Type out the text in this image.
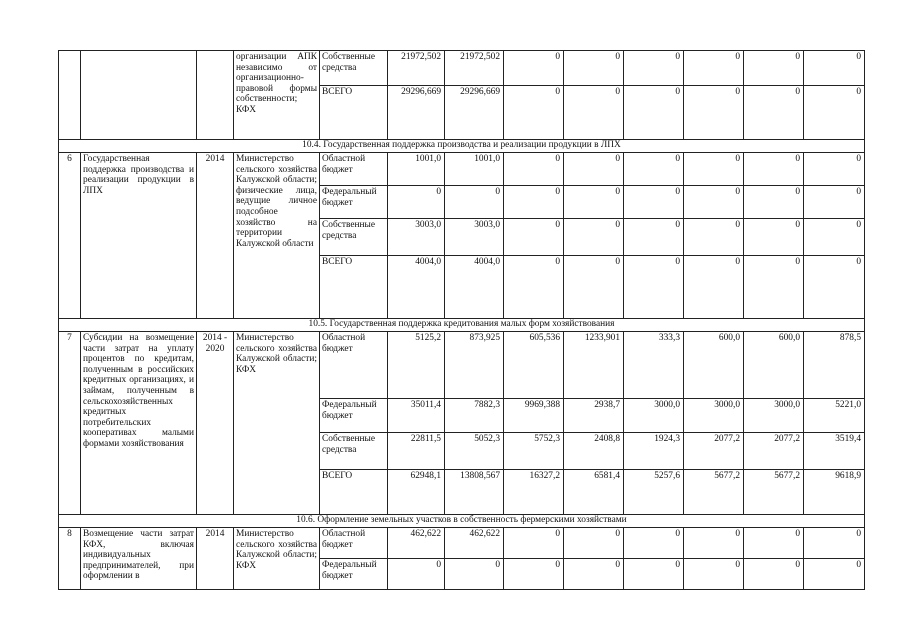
			организации АПК независимо от организационно-правовой формы собственности; КФХ	Собственные средства	21972,502	21972,502	0	0	0	0	0	0
				ВСЕГО	29296,669	29296,669	0	0	0	0	0	0
10.4. Государственная поддержка производства и реализации продукции в ЛПХ												
6	Государственная поддержка производства и реализации продукции в ЛПХ	2014	Министерство сельского хозяйства Калужской области; физические лица, ведущие личное подсобное хозяйство на территории Калужской области	Областной бюджет	1001,0	1001,0	0	0	0	0	0	0
				Федеральный бюджет	0	0	0	0	0	0	0	0
				Собственные средства	3003,0	3003,0	0	0	0	0	0	0
				ВСЕГО	4004,0	4004,0	0	0	0	0	0	0
10.5. Государственная поддержка кредитования малых форм хозяйствования												
7	Субсидии на возмещение части затрат на уплату процентов по кредитам, полученным в российских кредитных организациях, и займам, полученным в сельскохозяйственных кредитных потребительских кооперативах малыми формами хозяйствования	2014 - 2020	Министерство сельского хозяйства Калужской области; КФХ	Областной бюджет	5125,2	873,925	605,536	1233,901	333,3	600,0	600,0	878,5
				Федеральный бюджет	35011,4	7882,3	9969,388	2938,7	3000,0	3000,0	3000,0	5221,0
				Собственные средства	22811,5	5052,3	5752,3	2408,8	1924,3	2077,2	2077,2	3519,4
				ВСЕГО	62948,1	13808,567	16327,2	6581,4	5257,6	5677,2	5677,2	9618,9
10.6. Оформление земельных участков в собственность фермерскими хозяйствами												
8	Возмещение части затрат КФХ, включая индивидуальных предпринимателей, при оформлении в	2014	Министерство сельского хозяйства Калужской области; КФХ	Областной бюджет	462,622	462,622	0	0	0	0	0	0
				Федеральный бюджет	0	0	0	0	0	0	0	0
